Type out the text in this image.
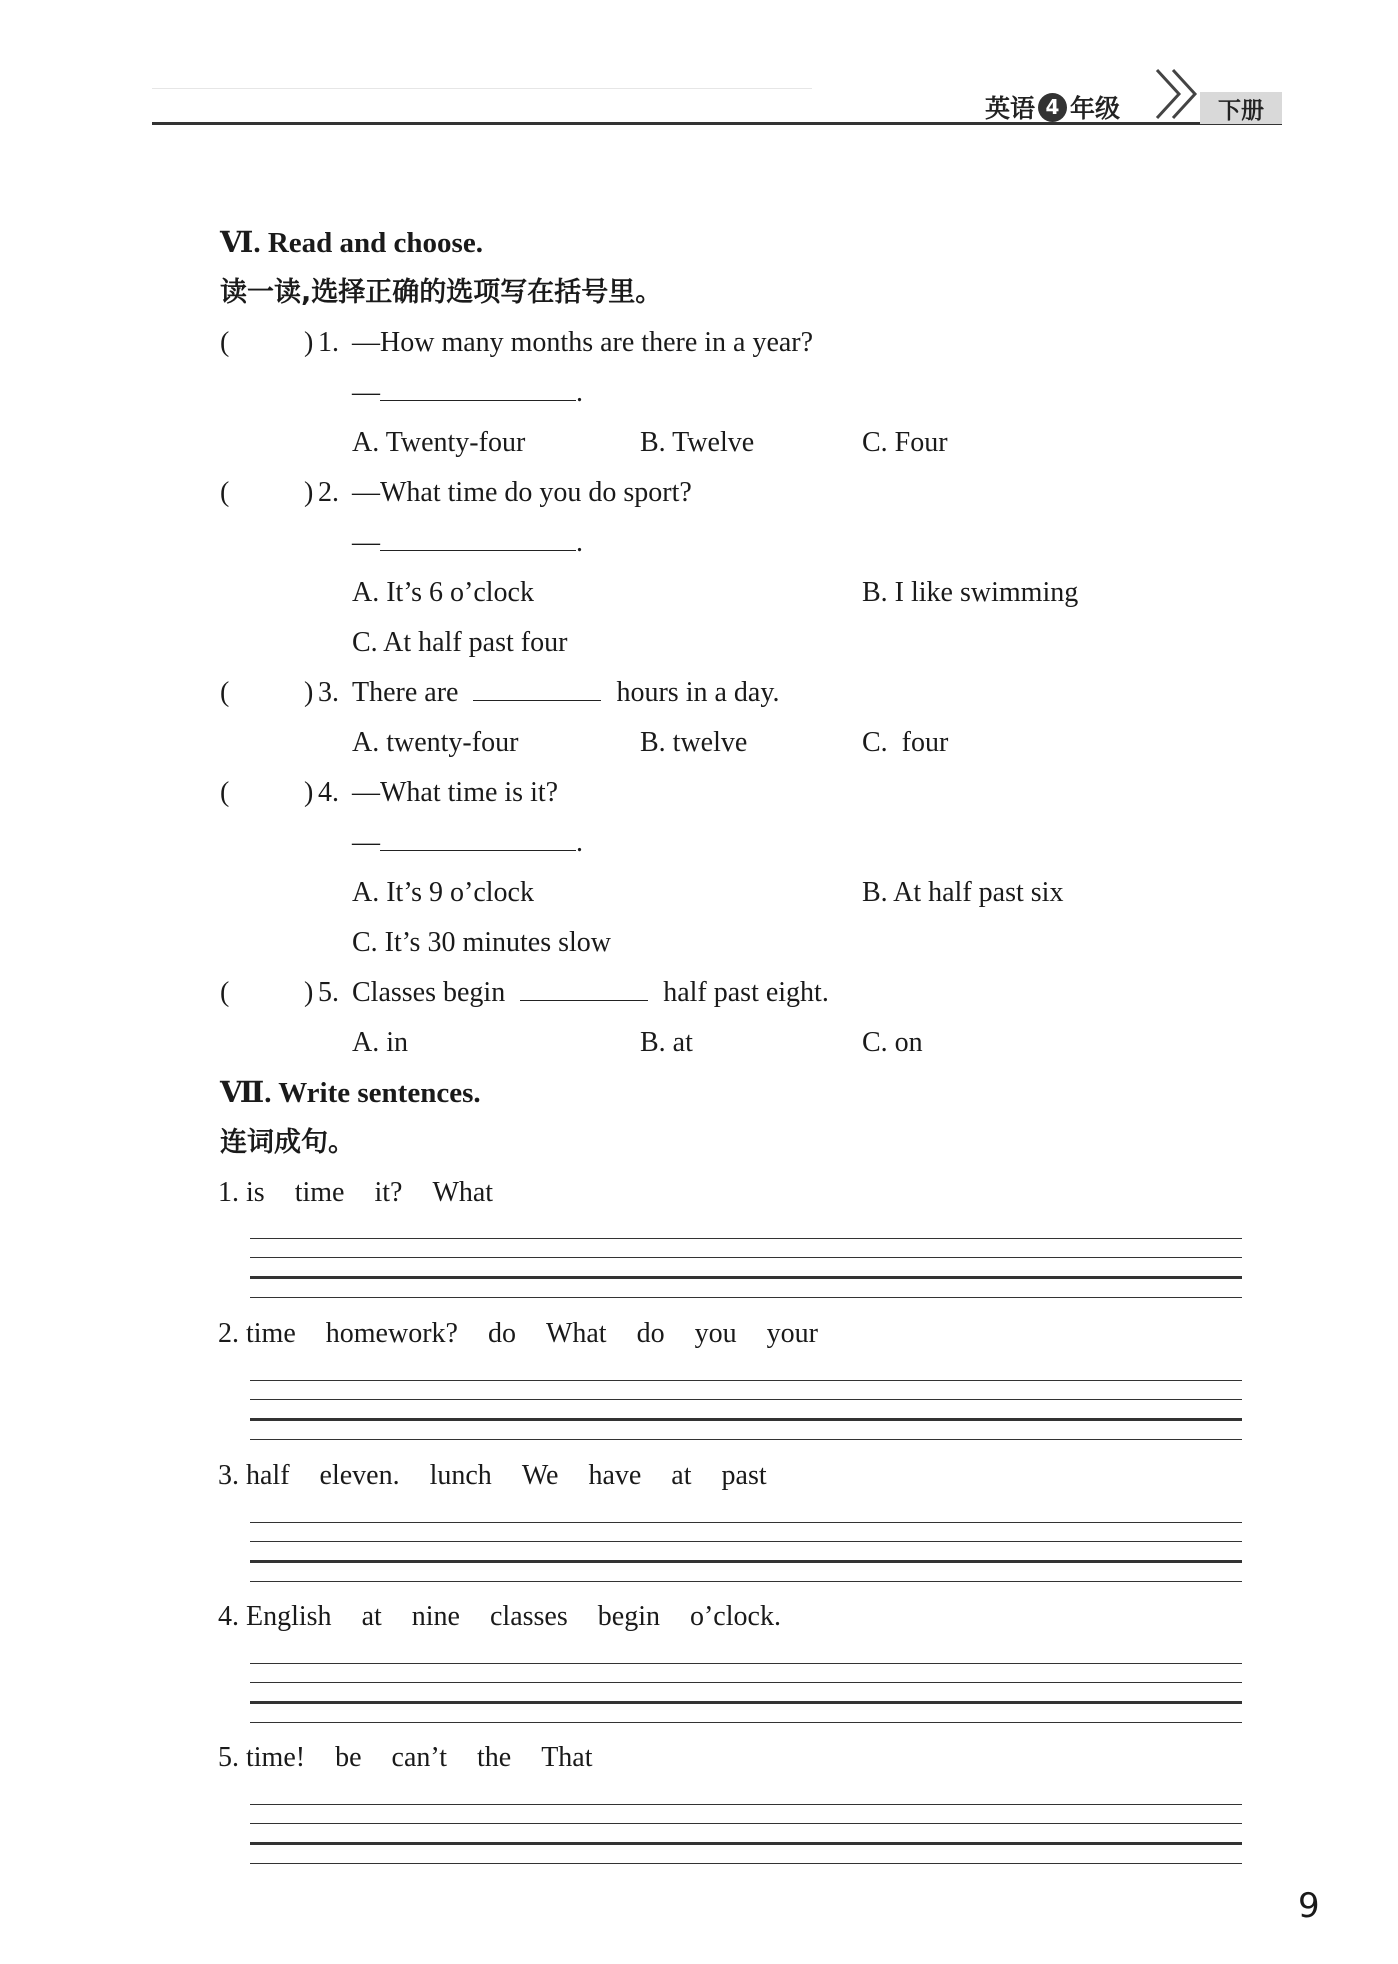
英语 4 年级	下册
Ⅵ. Read and choose.
读一读,选择正确的选项写在括号里。
(	) 1. —How many months are there in a year?
—	.
A. Twenty-four	B. Twelve	C. Four
(	) 2. —What time do you do sport?
—	.
A. It’s 6 o’clock	B. I like swimming
C. At half past four
(	) 3. There are	hours in a day.
A. twenty-four	B. twelve	C.  four
(	) 4. —What time is it?
—	.
A. It’s 9 o’clock	B. At half past six
C. It’s 30 minutes slow
(	) 5. Classes begin	half past eight.
A. in	B. at	C. on
Ⅶ. Write sentences.
连词成句。
1. is time it? What
2. time homework? do What do you your
3. half eleven. lunch We have at past
4. English at nine classes begin o’clock.
5. time! be can’t the That
9
